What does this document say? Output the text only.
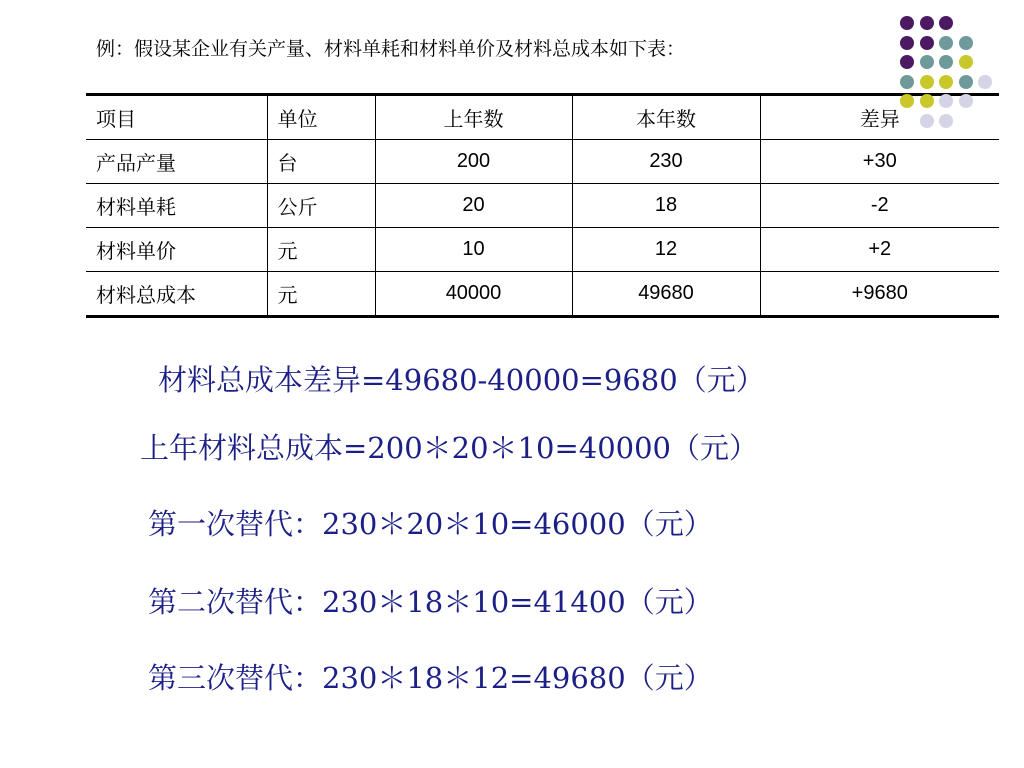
例：假设某企业有关产量、材料单耗和材料单价及材料总成本如下表：
项目	单位	上年数	本年数	差异
产品产量	台	200	230	+30
材料单耗	公斤	20	18	-2
材料单价	元	10	12	+2
材料总成本	元	40000	49680	+9680
材料总成本差异=49680-40000=9680（元）
上年材料总成本=200＊20＊10=40000（元）
第一次替代：230＊20＊10=46000（元）
第二次替代：230＊18＊10=41400（元）
第三次替代：230＊18＊12=49680（元）
